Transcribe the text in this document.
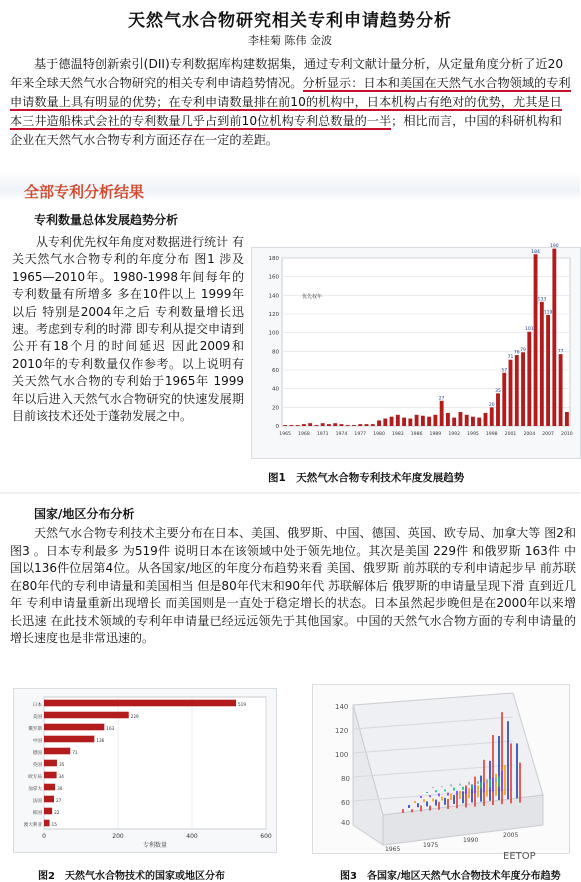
天然气水合物研究相关专利申请趋势分析
李桂菊 陈伟 金波

基于德温特创新索引(DII)专利数据库构建数据集，通过专利文献计量分析，从定量角度分析了近20年来全球天然气水合物研究的相关专利申请趋势情况。分析显示：日本和美国在天然气水合物领域的专利申请数量上具有明显的优势；在专利申请数量排在前10的机构中，日本机构占有绝对的优势，尤其是日本三井造船株式会社的专利数量几乎占到前10位机构专利总数量的一半；相比而言，中国的科研机构和企业在天然气水合物专利方面还存在一定的差距。

全部专利分析结果
专利数量总体发展趋势分析

从专利优先权年角度对数据进行统计 有关天然气水合物专利的年度分布 图1 涉及1965—2010年。1980-1998年间每年的专利数量有所增多 多在10件以上 1999年以后 特别是2004年之后 专利数量增长迅速。考虑到专利的时滞 即专利从提交申请到公开有18个月的时间延迟 因此2009和2010年的专利数量仅作参考。以上说明有关天然气水合物的专利始于1965年 1999年以后进入天然气水合物研究的快速发展期 目前该技术还处于蓬勃发展之中。

0
20
40
60
80
100
120
140
160
180
27
20
35
57
71
76
79
101
184
133
119
190
77
1965 1968 1971 1974 1977 1980 1983 1986 1989 1992 1995 1998 2001 2004 2007 2010
优先权年
图1　天然气水合物专利技术年度发展趋势
国家/地区分布分析

天然气水合物专利技术主要分布在日本、美国、俄罗斯、中国、德国、英国、欧专局、加拿大等 图2和图3 。日本专利最多 为519件 说明日本在该领域中处于领先地位。其次是美国 229件 和俄罗斯 163件 中国以136件位居第4位。从各国家/地区的年度分布趋势来看 美国、俄罗斯 前苏联的专利申请起步早 前苏联在80年代的专利申请量和美国相当 但是80年代末和90年代 苏联解体后 俄罗斯的申请量呈现下滑 直到近几年 专利申请量重新出现增长 而美国则是一直处于稳定增长的状态。日本虽然起步晚但是在2000年以来增长迅速 在此技术领域的专利年申请量已经远远领先于其他国家。中国的天然气水合物方面的专利申请量的增长速度也是非常迅速的。

0	200	400	600
日本	519
美国	229
俄罗斯	163
中国	136
德国	71
英国	35
欧专局	34
加拿大	30
法国	27
韩国	22
澳大利亚 15
专利数量
图2　天然气水合物技术的国家或地区分布
140
120
100
80
60
40
1965
1975
1990
2005
图3　各国家/地区天然气水合物技术年度分布趋势
EETOP
